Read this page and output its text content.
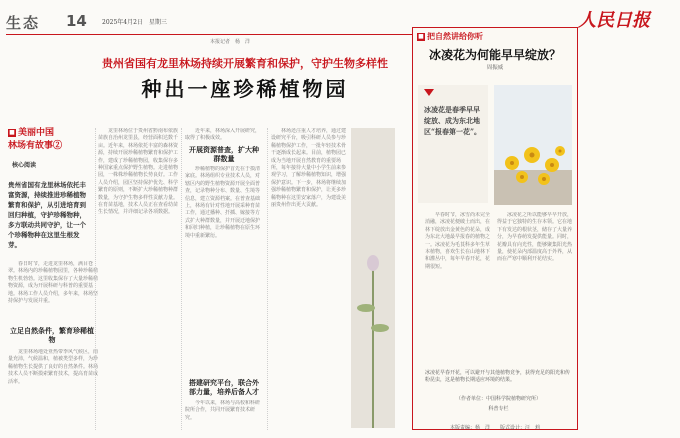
生态 14	2025年4月2日　星期三	人民日报
本报记者　杨　洋
贵州省国有龙里林场持续开展繁育和保护，守护生物多样性
种出一座珍稀植物园
■ 美丽中国
林场有故事②
核心阅读
贵州省国有龙里林场依托丰富资源，持续推进珍稀植物繁育和保护，从引进培育到回归种植，守护珍稀物种，多方联动共同守护，让一个个珍稀物种在这里生根发芽。

春日时节，走进龙里林场，满目苍翠。林场内的珍稀植物园里，各种珍稀植物生机勃勃。这里收集保存了大量珍稀植物资源，成为开展科研与科普的重要基地。林场工作人员介绍，多年来，林场坚持保护与发展并重。

立足自然条件，繁育珍稀植物

龙里林场地处亚热带季风气候区，雨量充沛，气候温和，植被类型多样，为珍稀植物生长提供了良好的自然条件。林场技术人员不断摸索繁育技术，提高育苗成活率。

龙里林场位于贵州省黔南布依族苗族自治州龙里县，经营面积达数千亩。近年来，林场依托丰富的森林资源，持续开展珍稀植物繁育和保护工作，建成了珍稀植物园，收集保存多种国家重点保护野生植物。走进植物园，一株株珍稀植物长势良好。工作人员介绍，园区坚持保护优先、科学繁育的原则，不断扩大珍稀植物种群数量，为守护生物多样性贡献力量。在育苗基地，技术人员正在查看幼苗生长情况，并详细记录各项数据。

近年来，林场深入开展研究，取得了积极成效。

开展资源普查，扩大种群数量

珍稀植物的保护首先在于摸清家底。林场组织专业技术人员，对辖区内的野生植物资源开展全面普查，记录物种分布、数量、生境等信息，建立资源档案。在普查基础上，林场有针对性地开展采种育苗工作，通过播种、扦插、嫁接等方式扩大种群数量，并开展迁地保护和回归种植，让珍稀植物在原生环境中重新繁衍。

搭建研究平台，联合外部力量，培养后备人才

今年以来，林场与高校和科研院所合作，共同开展繁育技术研究。

林场还注重人才培养，通过建设研究平台，吸引科研人员参与珍稀植物保护工作，一批年轻技术骨干逐渐成长起来。目前，植物园已成为当地开展自然教育的重要场所，每年接待大量中小学生前来参观学习，了解珍稀植物知识，增强保护意识。下一步，林场将继续加强珍稀植物繁育和保护，让更多珍稀物种在这里安家落户，为建设美丽贵州作出更大贡献。

■ 把自然讲给你听
冰凌花为何能早早绽放？
周振威
冰凌花是春季早早绽放、成为东北地区“报春第一花”。

早春时节，冰雪尚未完全消融，冰凌花便破土而出，在林下绽放出金黄色的花朵，成为东北大地最早报春的植物之一。冰凌花为毛茛科多年生草本植物，喜欢生长在山地林下和灌丛中，每年早春开花，花期很短。

冰凌花之所以能够早早开放，得益于它独特的生存本领。它在地下有发达的根状茎，储存了大量养分，为早春萌发提供能量。同时，花瓣具有向光性，能够聚集阳光热量，使花朵内部温度高于外界，从而在严寒中顺利开花结实。

冰凌花早春开花，可以避开与其他植物竞争，获得充足的阳光和传粉昆虫，这是植物长期适应环境的结果。
（作者单位：中国科学院植物研究所）
科普专栏
本版责编：杨　洋　　版式设计：汪　莉
